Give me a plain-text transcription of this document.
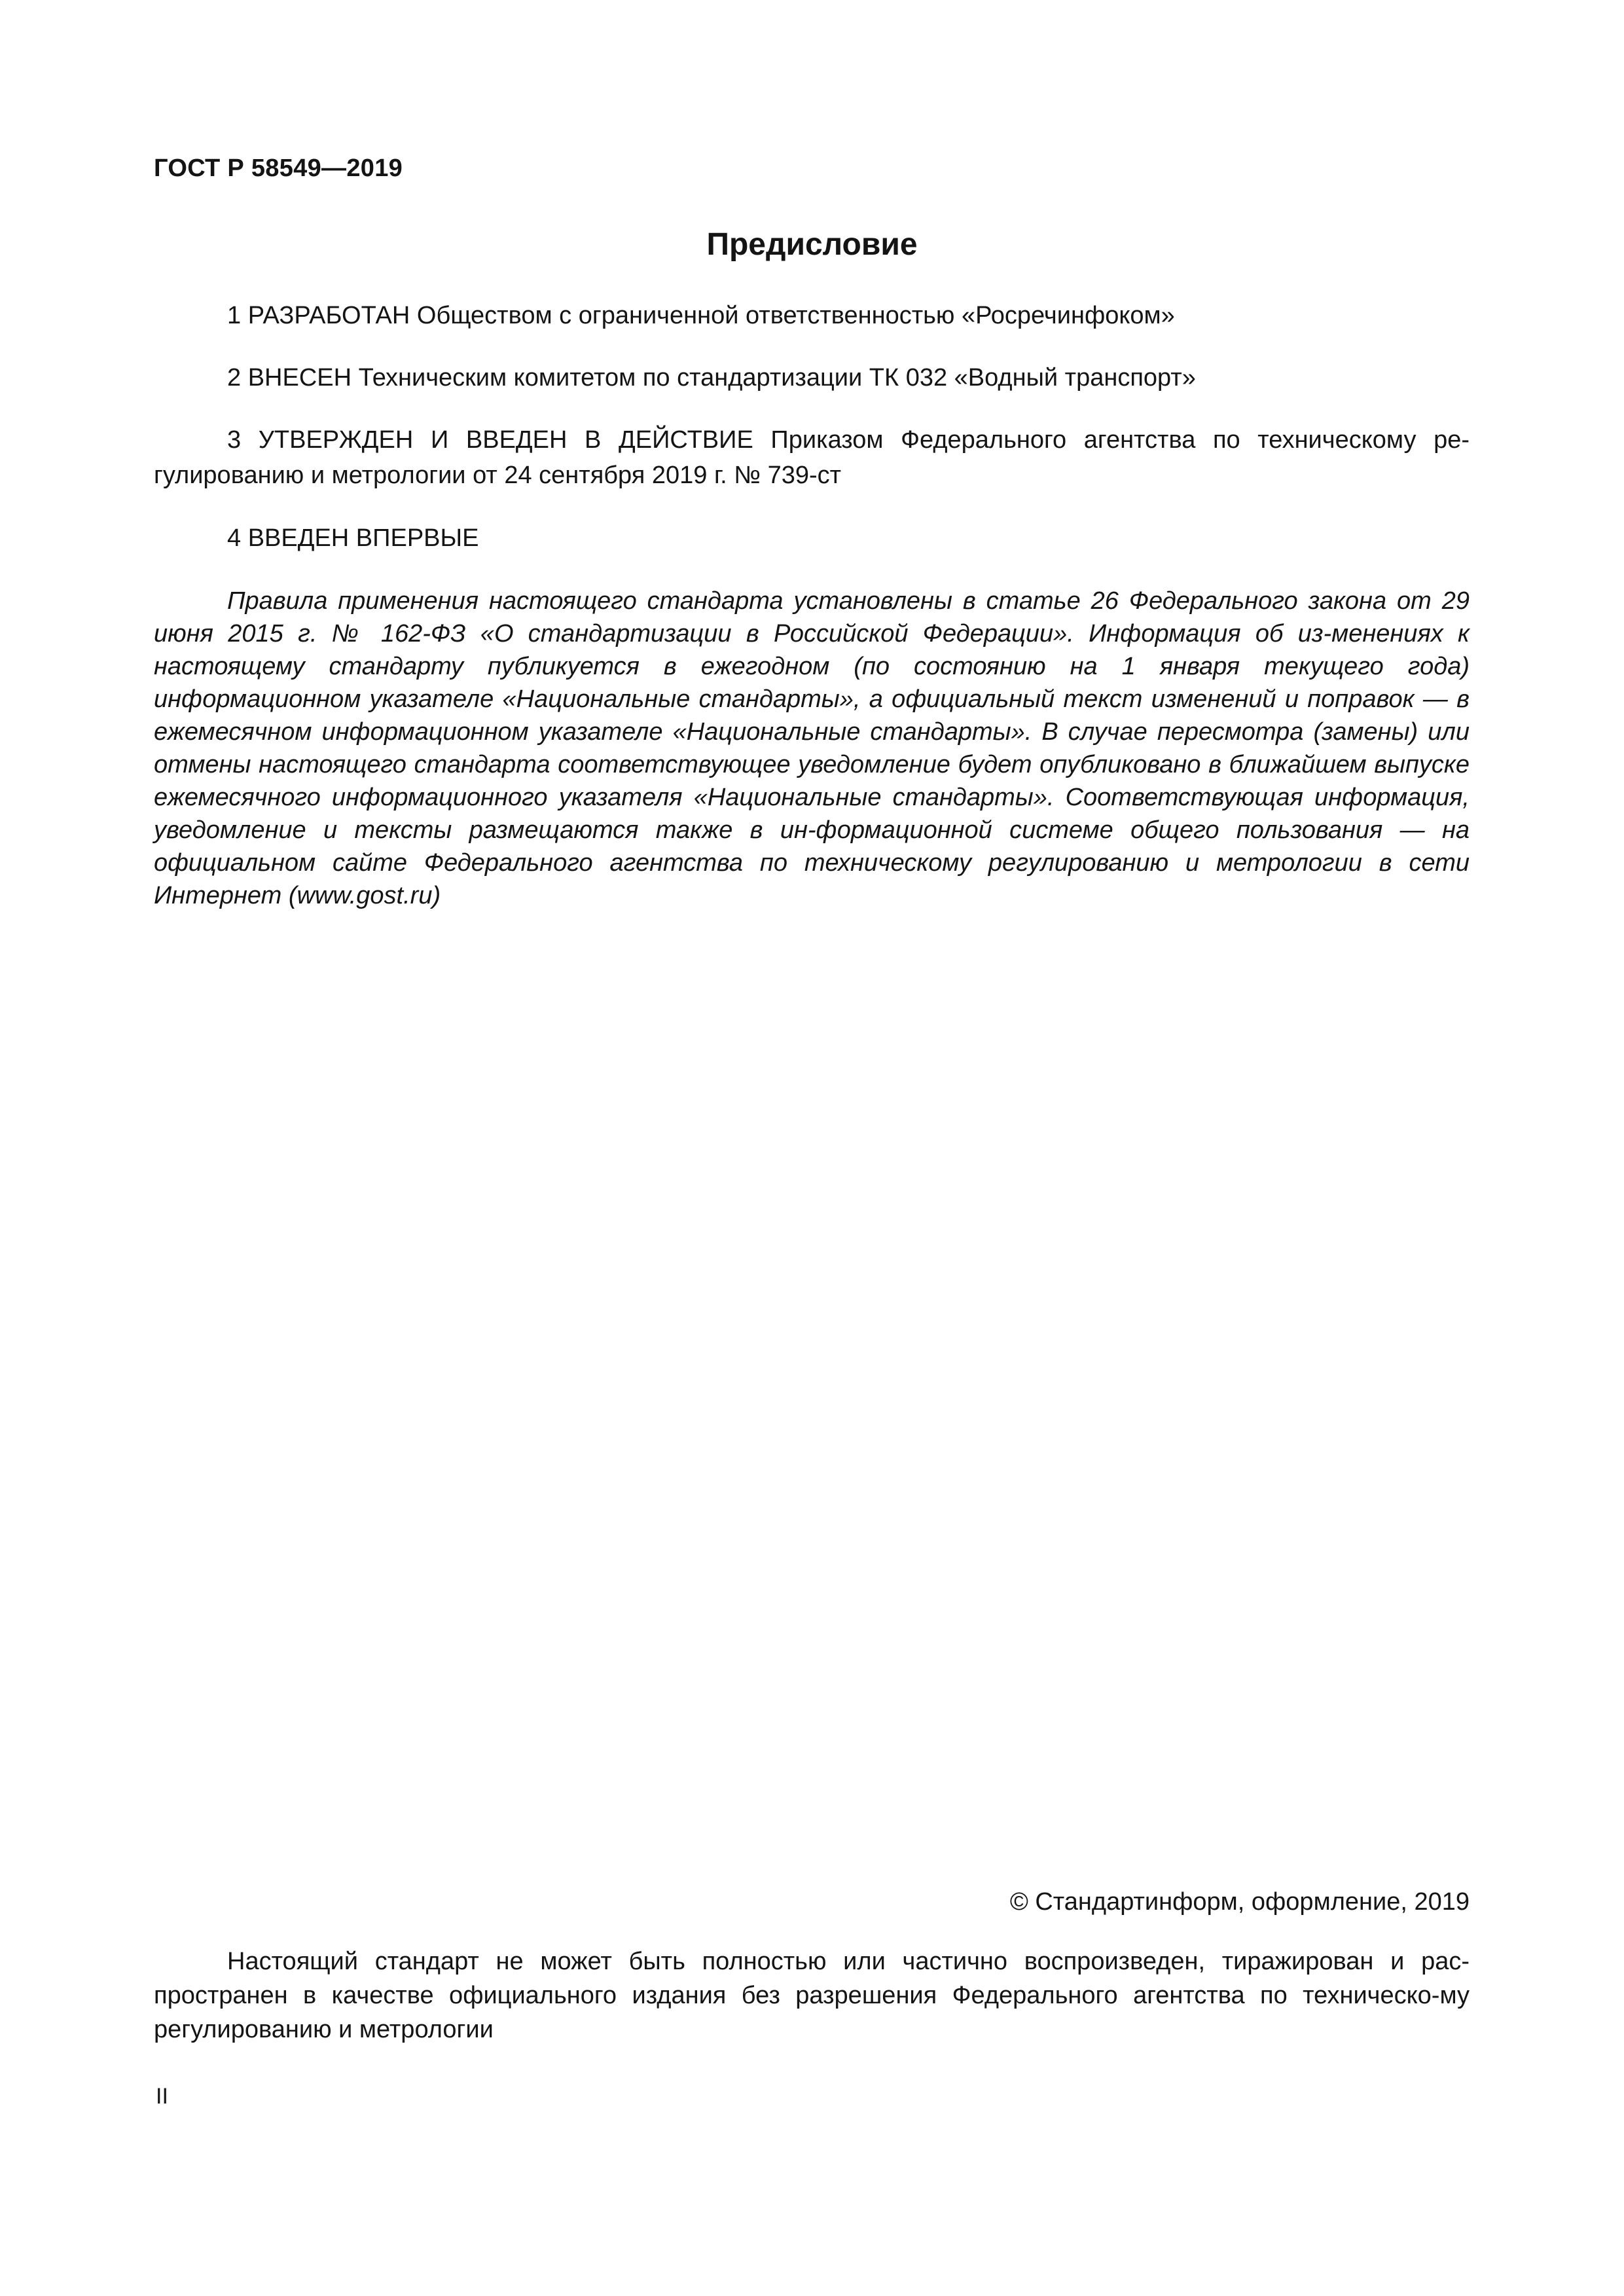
ГОСТ Р 58549—2019
Предисловие
1 РАЗРАБОТАН Обществом с ограниченной ответственностью «Росречинфоком»
2 ВНЕСЕН Техническим комитетом по стандартизации ТК 032 «Водный транспорт»
3 УТВЕРЖДЕН И ВВЕДЕН В ДЕЙСТВИЕ Приказом Федерального агентства по техническому ре-гулированию и метрологии от 24 сентября 2019 г. № 739-ст
4 ВВЕДЕН ВПЕРВЫЕ
Правила применения настоящего стандарта установлены в статье 26 Федерального закона от 29 июня 2015 г. № 162-ФЗ «О стандартизации в Российской Федерации». Информация об из-менениях к настоящему стандарту публикуется в ежегодном (по состоянию на 1 января текущего года) информационном указателе «Национальные стандарты», а официальный текст изменений и поправок — в ежемесячном информационном указателе «Национальные стандарты». В случае пересмотра (замены) или отмены настоящего стандарта соответствующее уведомление будет опубликовано в ближайшем выпуске ежемесячного информационного указателя «Национальные стандарты». Соответствующая информация, уведомление и тексты размещаются также в ин-формационной системе общего пользования — на официальном сайте Федерального агентства по техническому регулированию и метрологии в сети Интернет (www.gost.ru)
© Стандартинформ, оформление, 2019
Настоящий стандарт не может быть полностью или частично воспроизведен, тиражирован и рас-пространен в качестве официального издания без разрешения Федерального агентства по техническо-му регулированию и метрологии
II
